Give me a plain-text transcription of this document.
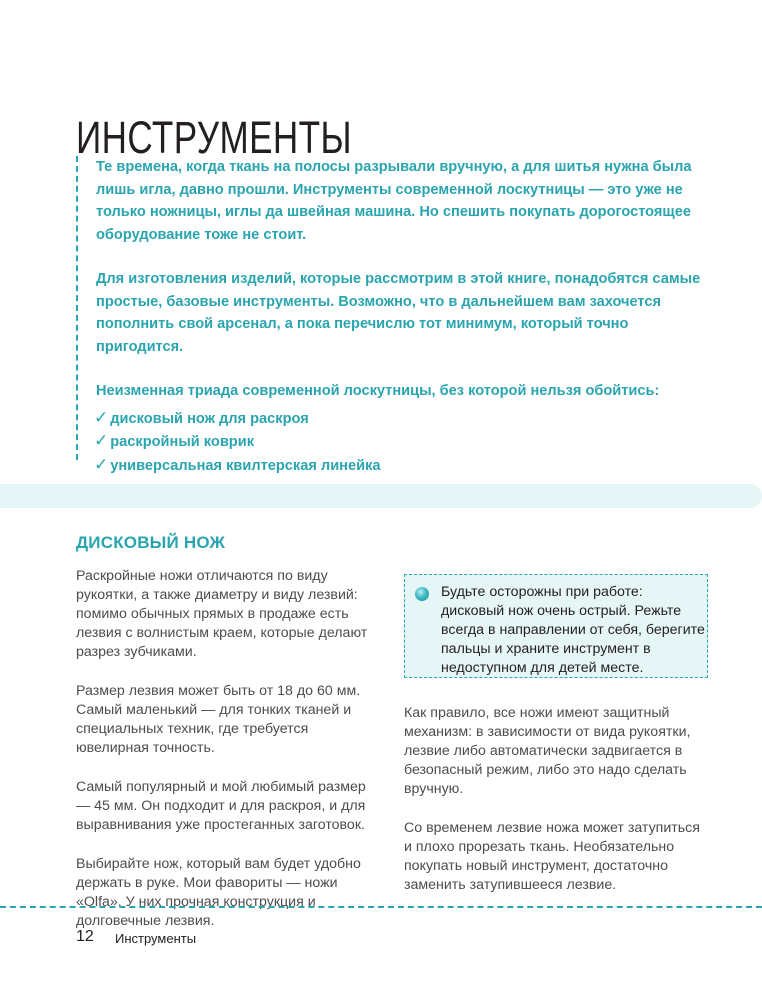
ИНСТРУМЕНТЫ

Те времена, когда ткань на полосы разрывали вручную, а для шитья нужна была лишь игла, давно прошли. Инструменты современной лоскутницы — это уже не только ножницы, иглы да швейная машина. Но спешить покупать дорогостоящее оборудование тоже не стоит.

Для изготовления изделий, которые рассмотрим в этой книге, понадобятся самые простые, базовые инструменты. Возможно, что в дальнейшем вам захочется пополнить свой арсенал, а пока перечислю тот минимум, который точно пригодится.

Неизменная триада современной лоскутницы, без которой нельзя обойтись:

✓ дисковый нож для раскроя
✓ раскройный коврик
✓ универсальная квилтерская линейка
ДИСКОВЫЙ НОЖ

Раскройные ножи отличаются по виду рукоятки, а также диаметру и виду лезвий: помимо обычных прямых в продаже есть лезвия с волнистым краем, которые делают разрез зубчиками.

Размер лезвия может быть от 18 до 60 мм. Самый маленький — для тонких тканей и специальных техник, где требуется ювелирная точность.

Самый популярный и мой любимый размер — 45 мм. Он подходит и для раскроя, и для выравнивания уже простеганных заготовок.

Выбирайте нож, который вам будет удобно держать в руке. Мои фавориты — ножи «Olfa». У них прочная конструкция и долговечные лезвия.

Будьте осторожны при работе: дисковый нож очень острый. Режьте всегда в направлении от себя, берегите пальцы и храните инструмент в недоступном для детей месте.

Как правило, все ножи имеют защитный механизм: в зависимости от вида рукоятки, лезвие либо автоматически задвигается в безопасный режим, либо это надо сделать вручную.

Со временем лезвие ножа может затупиться и плохо прорезать ткань. Необязательно покупать новый инструмент, достаточно заменить затупившееся лезвие.

12 Инструменты
